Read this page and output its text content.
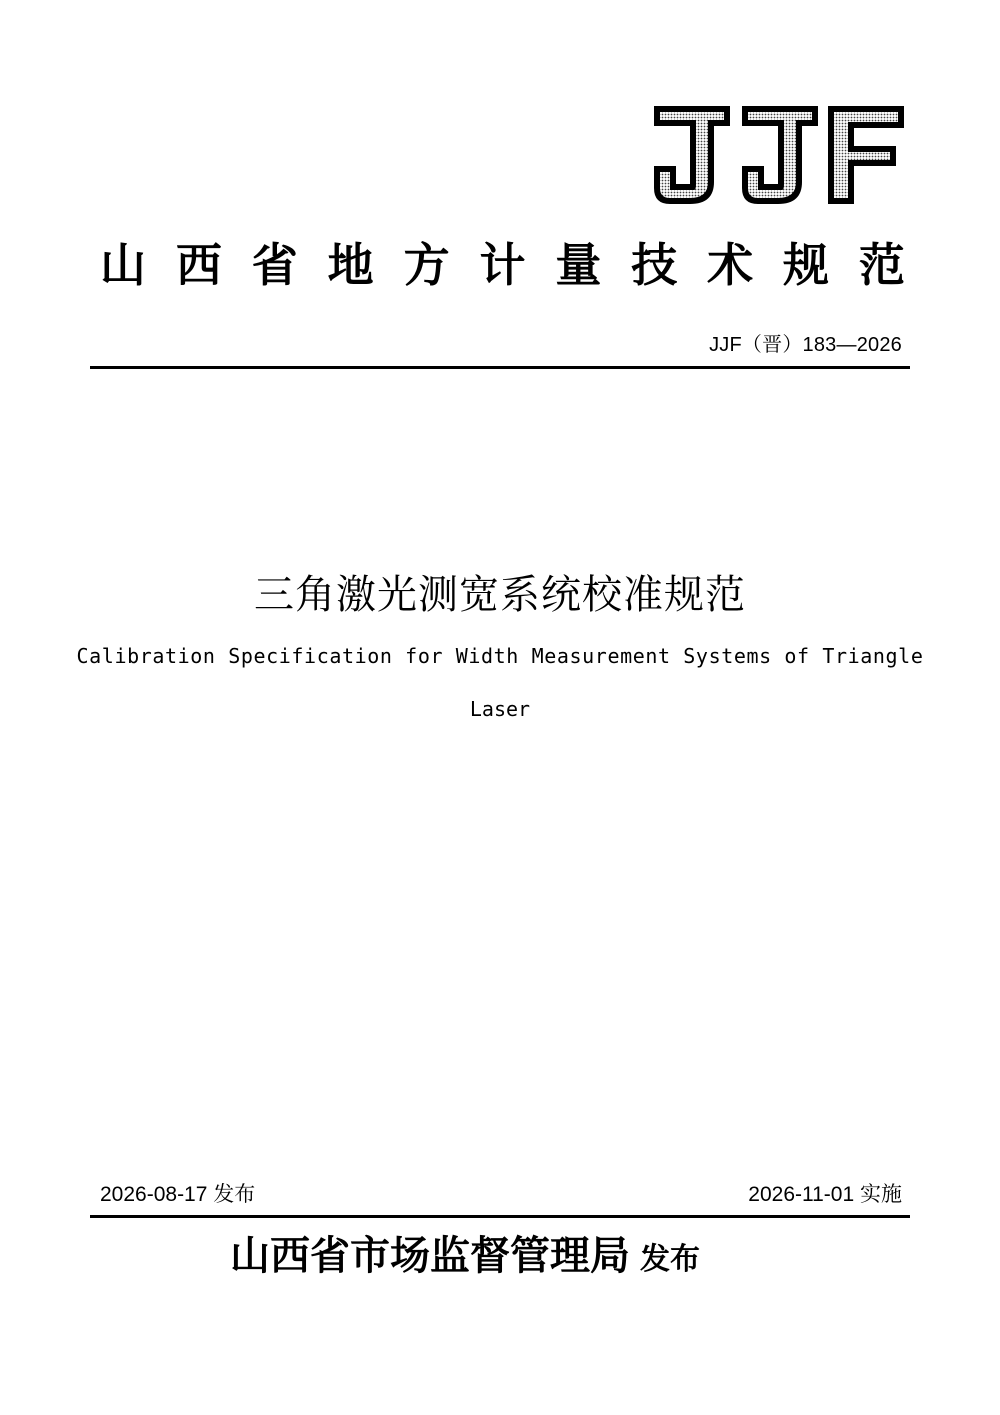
山 西 省 地 方 计 量 技 术 规 范
JJF（晋）183—2026
三角激光测宽系统校准规范
Calibration Specification for Width Measurement Systems of Triangle
Laser
2026-08-17 发布	2026-11-01 实施
山西省市场监督管理局 发布
